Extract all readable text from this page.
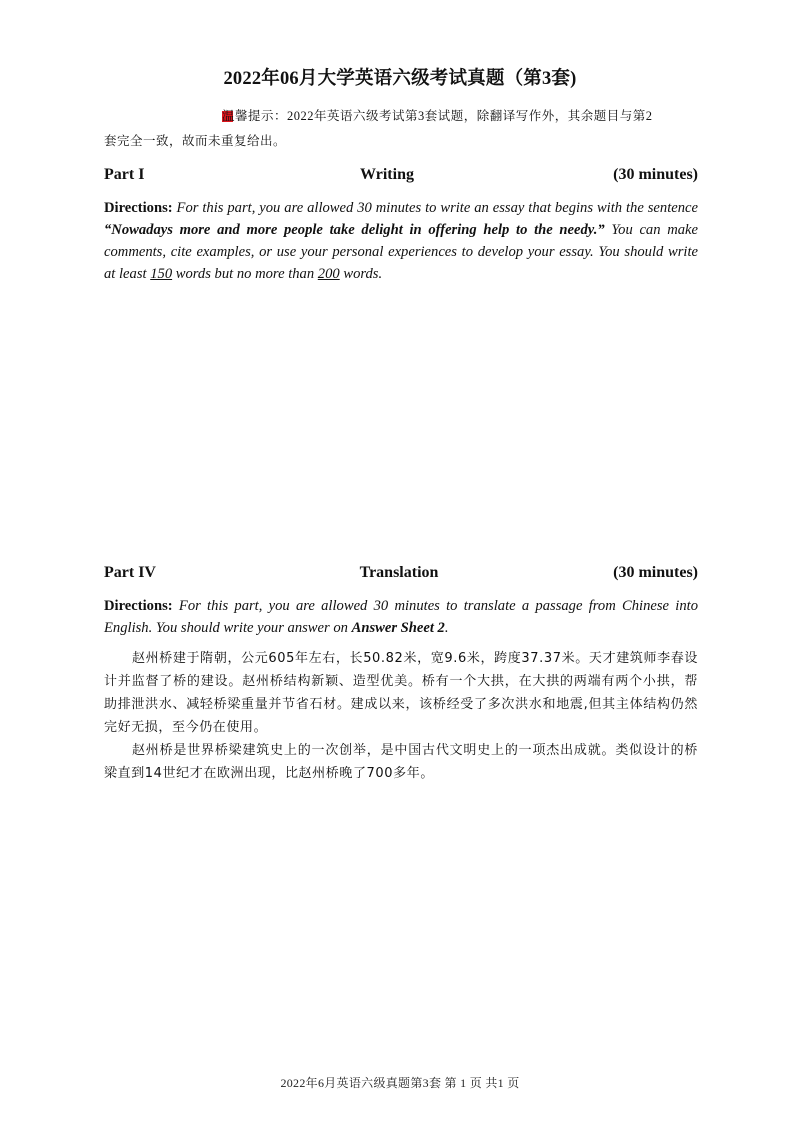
2022年06月大学英语六级考试真题（第3套)
温馨提示：2022年英语六级考试第3套试题，除翻译写作外，其余题目与第2
套完全一致，故而未重复给出。
Part I	Writing	(30 minutes)
Directions: For this part, you are allowed 30 minutes to write an essay that begins with the sentence “Nowadays more and more people take delight in offering help to the needy.” You can make comments, cite examples, or use your personal experiences to develop your essay. You should write at least 150 words but no more than 200 words.
Part IV	Translation	(30 minutes)
Directions: For this part, you are allowed 30 minutes to translate a passage from Chinese into English. You should write your answer on Answer Sheet 2.
赵州桥建于隋朝，公元605年左右，长50.82米，宽9.6米，跨度37.37米。天才建筑师李春设计并监督了桥的建设。赵州桥结构新颖、造型优美。桥有一个大拱，在大拱的两端有两个小拱，帮助排泄洪水、减轻桥梁重量并节省石材。建成以来，该桥经受了多次洪水和地震,但其主体结构仍然完好无损，至今仍在使用。
赵州桥是世界桥梁建筑史上的一次创举，是中国古代文明史上的一项杰出成就。类似设计的桥梁直到14世纪才在欧洲出现，比赵州桥晚了700多年。
2022年6月英语六级真题第3套 第 1 页 共1 页
